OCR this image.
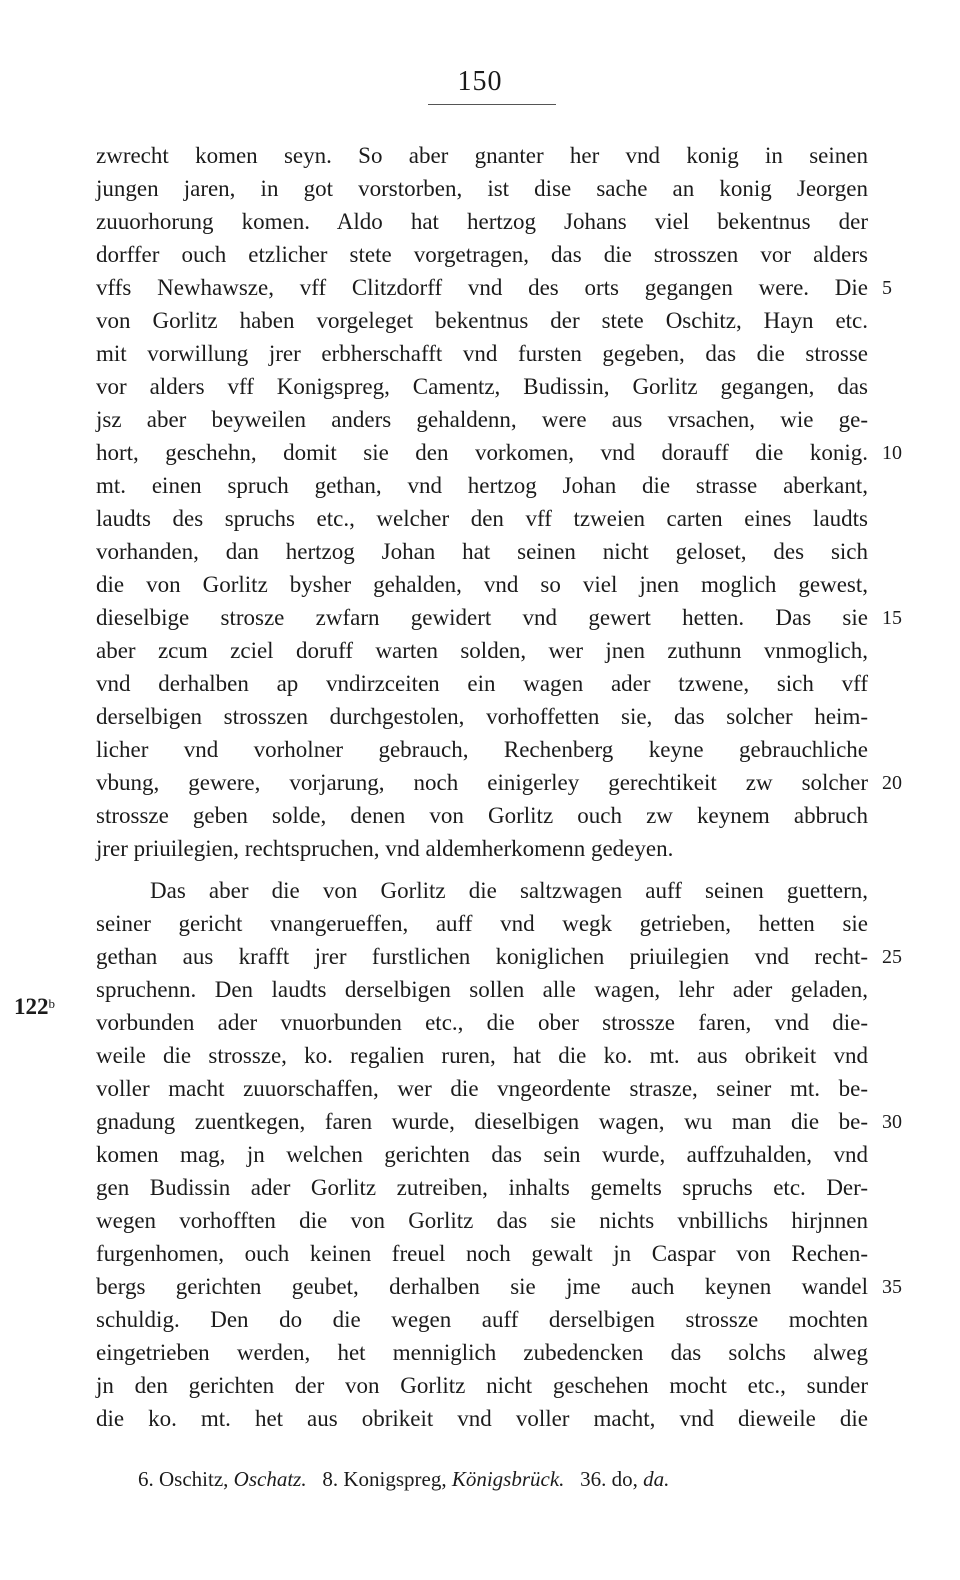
150
122$^b$
zwrecht komen seyn. So aber gnanter her vnd konig in seinen
jungen jaren, in got vorstorben, ist dise sache an konig Jeorgen
zuuorhorung komen. Aldo hat hertzog Johans viel bekentnus der
dorffer ouch etzlicher stete vorgetragen, das die strosszen vor alders
vffs Newhawsze, vff Clitzdorff vnd des orts gegangen were. Die
von Gorlitz haben vorgeleget bekentnus der stete Oschitz, Hayn etc.
mit vorwillung jrer erbherschafft vnd fursten gegeben, das die strosse
vor alders vff Konigspreg, Camentz, Budissin, Gorlitz gegangen, das
jsz aber beyweilen anders gehaldenn, were aus vrsachen, wie ge-
hort, geschehn, domit sie den vorkomen, vnd dorauff die konig.
mt. einen spruch gethan, vnd hertzog Johan die strasse aberkant,
laudts des spruchs etc., welcher den vff tzweien carten eines laudts
vorhanden, dan hertzog Johan hat seinen nicht geloset, des sich
die von Gorlitz bysher gehalden, vnd so viel jnen moglich gewest,
dieselbige strosze zwfarn gewidert vnd gewert hetten. Das sie
aber zcum zciel doruff warten solden, wer jnen zuthunn vnmoglich,
vnd derhalben ap vndirzceiten ein wagen ader tzwene, sich vff
derselbigen strosszen durchgestolen, vorhoffetten sie, das solcher heim-
licher vnd vorholner gebrauch, Rechenberg keyne gebrauchliche
vbung, gewere, vorjarung, noch einigerley gerechtikeit zw solcher
strossze geben solde, denen von Gorlitz ouch zw keynem abbruch
jrer priuilegien, rechtspruchen, vnd aldemherkomenn gedeyen.
Das aber die von Gorlitz die saltzwagen auff seinen guettern,
seiner gericht vnangerueffen, auff vnd wegk getrieben, hetten sie
gethan aus krafft jrer furstlichen koniglichen priuilegien vnd recht-
spruchenn. Den laudts derselbigen sollen alle wagen, lehr ader geladen,
vorbunden ader vnuorbunden etc., die ober strossze faren, vnd die-
weile die strossze, ko. regalien ruren, hat die ko. mt. aus obrikeit vnd
voller macht zuuorschaffen, wer die vngeordente strasze, seiner mt. be-
gnadung zuentkegen, faren wurde, dieselbigen wagen, wu man die be-
komen mag, jn welchen gerichten das sein wurde, auffzuhalden, vnd
gen Budissin ader Gorlitz zutreiben, inhalts gemelts spruchs etc. Der-
wegen vorhofften die von Gorlitz das sie nichts vnbillichs hirjnnen
furgenhomen, ouch keinen freuel noch gewalt jn Caspar von Rechen-
bergs gerichten geubet, derhalben sie jme auch keynen wandel
schuldig. Den do die wegen auff derselbigen strossze mochten
eingetrieben werden, het menniglich zubedencken das solchs alweg
jn den gerichten der von Gorlitz nicht geschehen mocht etc., sunder
die ko. mt. het aus obrikeit vnd voller macht, vnd dieweile die
5
10
15
20
25
30
35
6. Oschitz, Oschatz. 8. Konigspreg, Königsbrück. 36. do, da.
